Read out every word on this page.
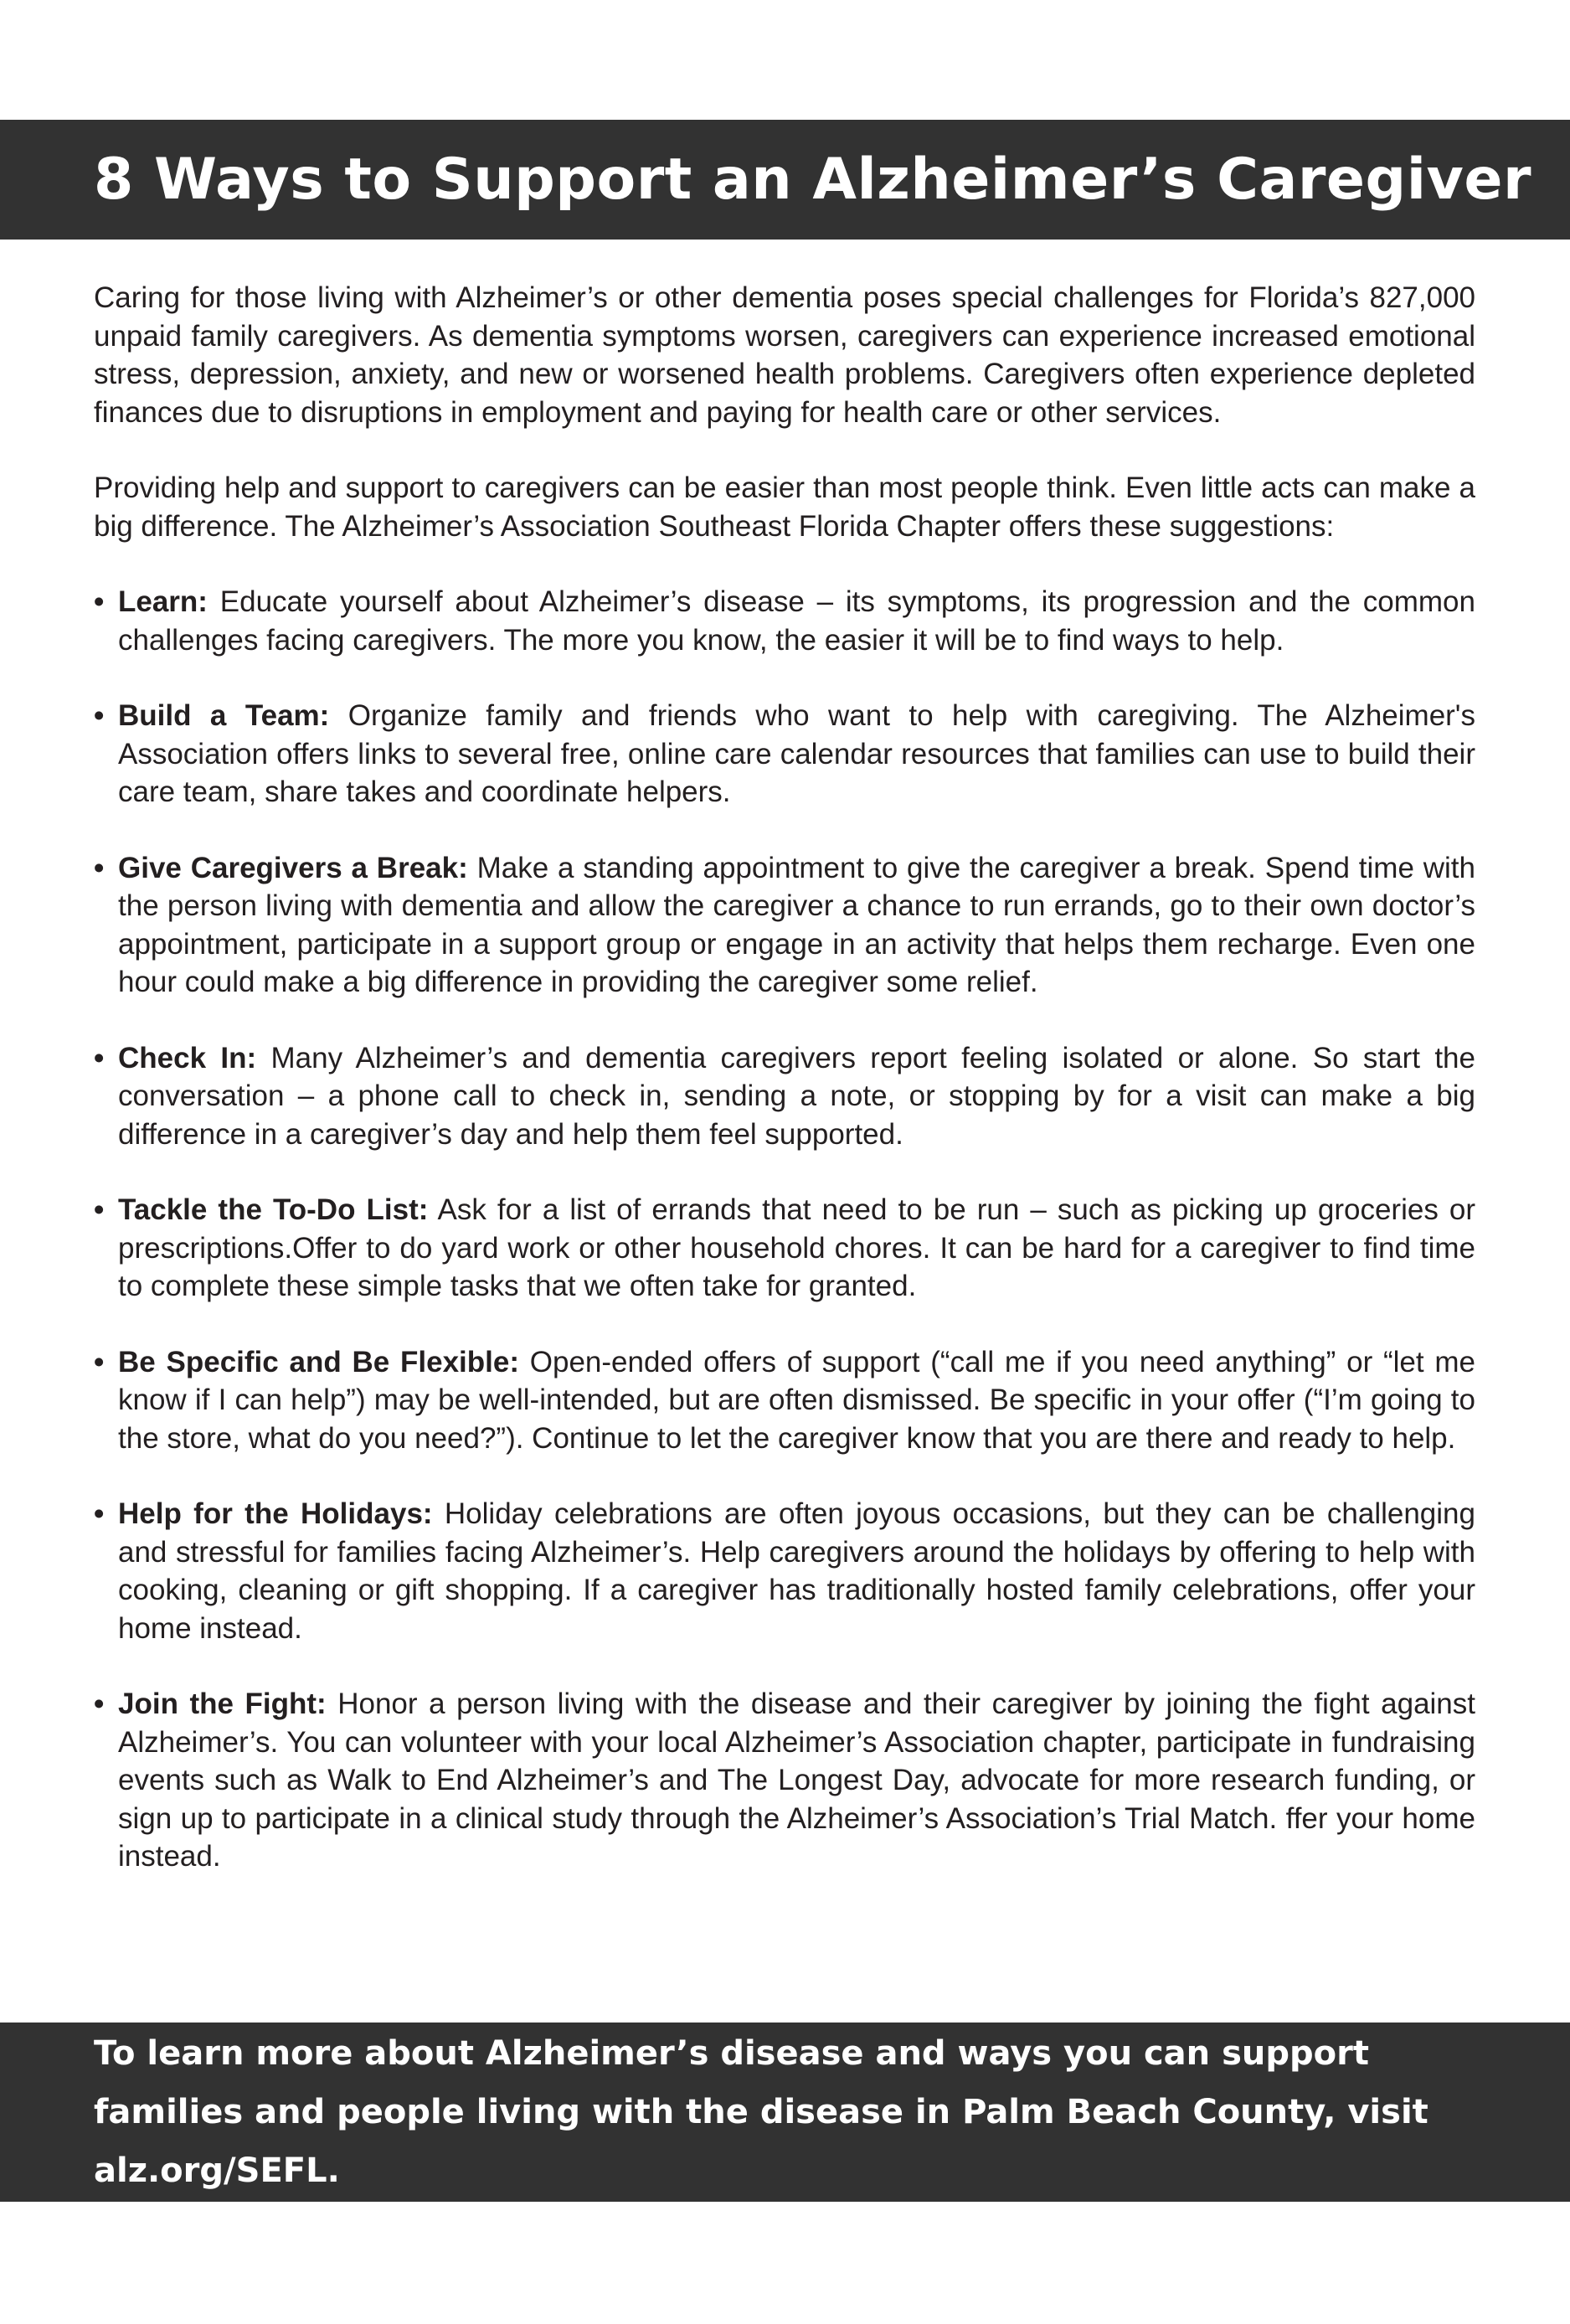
8 Ways to Support an Alzheimer’s Caregiver

Caring for those living with Alzheimer’s or other dementia poses special challenges for Florida’s 827,000 unpaid family caregivers. As dementia symptoms worsen, caregivers can experience increased emotional stress, depression, anxiety, and new or worsened health problems. Caregivers often experience depleted finances due to disruptions in employment and paying for health care or other services.

Providing help and support to caregivers can be easier than most people think. Even little acts can make a big difference. The Alzheimer’s Association Southeast Florida Chapter offers these suggestions:

• Learn: Educate yourself about Alzheimer’s disease – its symptoms, its progression and the common challenges facing caregivers. The more you know, the easier it will be to find ways to help.
• Build a Team: Organize family and friends who want to help with caregiving. The Alzheimer's Association offers links to several free, online care calendar resources that families can use to build their care team, share takes and coordinate helpers.
• Give Caregivers a Break: Make a standing appointment to give the caregiver a break. Spend time with the person living with dementia and allow the caregiver a chance to run errands, go to their own doctor’s appointment, participate in a support group or engage in an activity that helps them recharge. Even one hour could make a big difference in providing the caregiver some relief.
• Check In: Many Alzheimer’s and dementia caregivers report feeling isolated or alone. So start the conversation – a phone call to check in, sending a note, or stopping by for a visit can make a big difference in a caregiver’s day and help them feel supported.
• Tackle the To-Do List: Ask for a list of errands that need to be run – such as picking up groceries or prescriptions.Offer to do yard work or other household chores. It can be hard for a caregiver to find time to complete these simple tasks that we often take for granted.
• Be Specific and Be Flexible: Open-ended offers of support (“call me if you need anything” or “let me know if I can help”) may be well-intended, but are often dismissed. Be specific in your offer (“I’m going to the store, what do you need?”). Continue to let the caregiver know that you are there and ready to help.
• Help for the Holidays: Holiday celebrations are often joyous occasions, but they can be challenging and stressful for families facing Alzheimer’s. Help caregivers around the holidays by offering to help with cooking, cleaning or gift shopping. If a caregiver has traditionally hosted family celebrations, offer your home instead.
• Join the Fight: Honor a person living with the disease and their caregiver by joining the fight against Alzheimer’s. You can volunteer with your local Alzheimer’s Association chapter, participate in fundraising events such as Walk to End Alzheimer’s and The Longest Day, advocate for more research funding, or sign up to participate in a clinical study through the Alzheimer’s Association’s Trial Match. ffer your home instead.

To learn more about Alzheimer’s disease and ways you can support families and people living with the disease in Palm Beach County, visit alz.org/SEFL.
